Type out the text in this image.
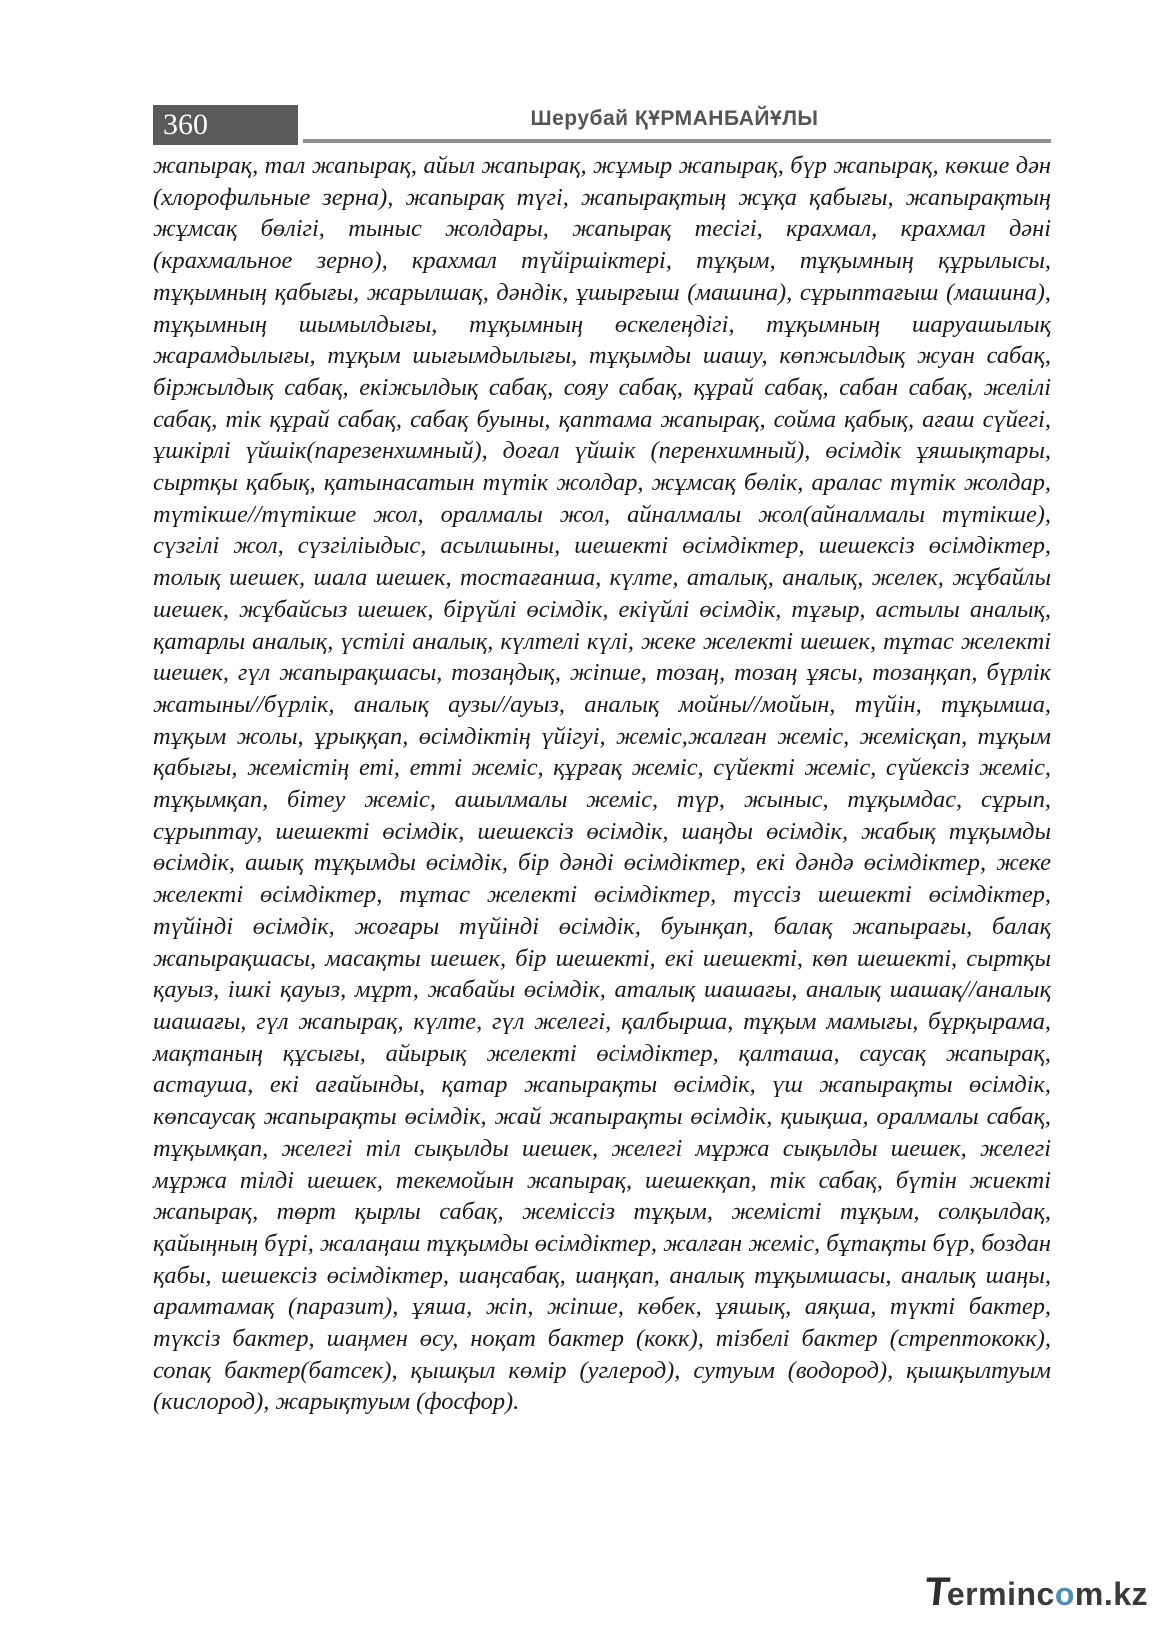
360	Шерубай ҚҰРМАНБАЙҰЛЫ

жапырақ, тал жапырақ, айыл жапырақ, жұмыр жапырақ, бүр жапырақ, көкше дән (хлорофильные зерна), жапырақ түгі, жапырақтың жұқа қабығы, жапырақтың жұмсақ бөлігі, тыныс жолдары, жапырақ тесігі, крахмал, крахмал дәні (крахмальное зерно), крахмал түйіршіктері, тұқым, тұқымның құрылысы, тұқымның қабығы, жарылшақ, дәндік, ұшырғыш (машина), сұрыптағыш (машина), тұқымның шымылдығы, тұқымның өскелеңдігі, тұқымның шаруашылық жарамдылығы, тұқым шығымдылығы, тұқымды шашу, көпжылдық жуан сабақ, біржылдық сабақ, екіжылдық сабақ, сояу сабақ, құрай сабақ, сабан сабақ, желілі сабақ, тік құрай сабақ, сабақ буыны, қаптама жапырақ, сойма қабық, ағаш сүйегі, ұшкірлі үйшік(парезенхимный), доғал үйшік (перенхимный), өсімдік ұяшықтары, сыртқы қабық, қатынасатын түтік жолдар, жұмсақ бөлік, аралас түтік жолдар, түтікше//түтікше жол, оралмалы жол, айналмалы жол(айналмалы түтікше), сүзгілі жол, сүзгіліыдыс, асылшыны, шешекті өсімдіктер, шешексіз өсімдіктер, толық шешек, шала шешек, тостағанша, күлте, аталық, аналық, желек, жұбайлы шешек, жұбайсыз шешек, бірүйлі өсімдік, екіүйлі өсімдік, тұғыр, астылы аналық, қатарлы аналық, үстілі аналық, күлтелі күлі, жеке желекті шешек, тұтас желекті шешек, гүл жапырақшасы, тозаңдық, жіпше, тозаң, тозаң ұясы, тозаңқап, бүрлік жатыны//бүрлік, аналық аузы//ауыз, аналық мойны//мойын, түйін, тұқымша, тұқым жолы, ұрыққап, өсімдіктің үйігуі, жеміс,жалған жеміс, жемісқап, тұқым қабығы, жемістің еті, етті жеміс, құрғақ жеміс, сүйекті жеміс, сүйексіз жеміс, тұқымқап, бітеу жеміс, ашылмалы жеміс, түр, жыныс, тұқымдас, сұрып, сұрыптау, шешекті өсімдік, шешексіз өсімдік, шаңды өсімдік, жабық тұқымды өсімдік, ашық тұқымды өсімдік, бір дәнді өсімдіктер, екі дәндә өсімдіктер, жеке желекті өсімдіктер, тұтас желекті өсімдіктер, түссіз шешекті өсімдіктер, түйінді өсімдік, жоғары түйінді өсімдік, буынқап, балақ жапырағы, балақ жапырақшасы, масақты шешек, бір шешекті, екі шешекті, көп шешекті, сыртқы қауыз, ішкі қауыз, мұрт, жабайы өсімдік, аталық шашағы, аналық шашақ//аналық шашағы, гүл жапырақ, күлте, гүл желегі, қалбырша, тұқым мамығы, бұрқырама, мақтаның құсығы, айырық желекті өсімдіктер, қалташа, саусақ жапырақ, астауша, екі ағайынды, қатар жапырақты өсімдік, үш жапырақты өсімдік, көпсаусақ жапырақты өсімдік, жай жапырақты өсімдік, қиықша, оралмалы сабақ, тұқымқап, желегі тіл сықылды шешек, желегі мұржа сықылды шешек, желегі мұржа тілді шешек, текемойын жапырақ, шешекқап, тік сабақ, бүтін жиекті жапырақ, төрт қырлы сабақ, жеміссіз тұқым, жемісті тұқым, солқылдақ, қайыңның бүрі, жалаңаш тұқымды өсімдіктер, жалған жеміс, бұтақты бүр, боздан қабы, шешексіз өсімдіктер, шаңсабақ, шаңқап, аналық тұқымшасы, аналық шаңы, арамтамақ (паразит), ұяша, жіп, жіпше, көбек, ұяшық, аяқша, түкті бактер, түксіз бактер, шаңмен өсу, ноқат бактер (кокк), тізбелі бактер (стрептококк), сопақ бактер(батсек), қышқыл көмір (углерод), сутуым (водород), қышқылтуым (кислород), жарықтуым (фосфор).

Termincom.kz
